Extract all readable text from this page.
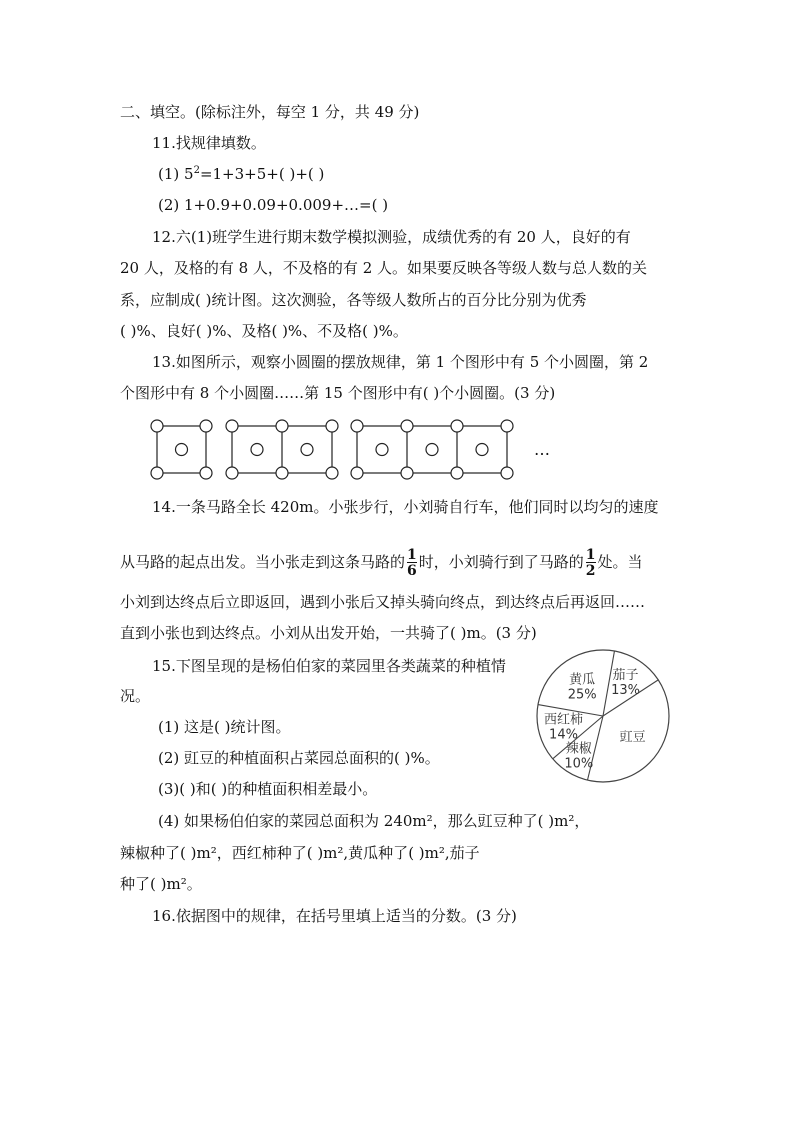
二、填空。(除标注外，每空 1 分，共 49 分)
11.找规律填数。
(1) $5^2=1+3+5+$( )+( )
(2) 1+0.9+0.09+0.009+…=( )
12.六(1)班学生进行期末数学模拟测验，成绩优秀的有 20 人，良好的有
20 人，及格的有 8 人，不及格的有 2 人。如果要反映各等级人数与总人数的关
系，应制成( )统计图。这次测验，各等级人数所占的百分比分别为优秀
( )%、良好( )%、及格( )%、不及格( )%。
13.如图所示，观察小圆圈的摆放规律，第 1 个图形中有 5 个小圆圈，第 2
个图形中有 8 个小圆圈……第 15 个图形中有( )个小圆圈。(3 分)
…
14.一条马路全长 420m。小张步行，小刘骑自行车，他们同时以均匀的速度
从马路的起点出发。当小张走到这条马路的 $\frac{1}{6}$ 时，小刘骑行到了马路的 $\frac{1}{2}$ 处。当
小刘到达终点后立即返回，遇到小张后又掉头骑向终点，到达终点后再返回……
直到小张也到达终点。小刘从出发开始，一共骑了( )m。(3 分)
15.下图呈现的是杨伯伯家的菜园里各类蔬菜的种植情
况。
(1) 这是( )统计图。
(2) 豇豆的种植面积占菜园总面积的( )%。
(3)( )和( )的种植面积相差最小。
(4) 如果杨伯伯家的菜园总面积为 240m²，那么豇豆种了( )m²，
辣椒种了( )m²，西红柿种了( )m²,黄瓜种了( )m²,茄子
种了( )m²。
茄子
13%
豇豆
辣椒
10%
西红柿
14%
黄瓜
25%
16.依据图中的规律，在括号里填上适当的分数。(3 分)
